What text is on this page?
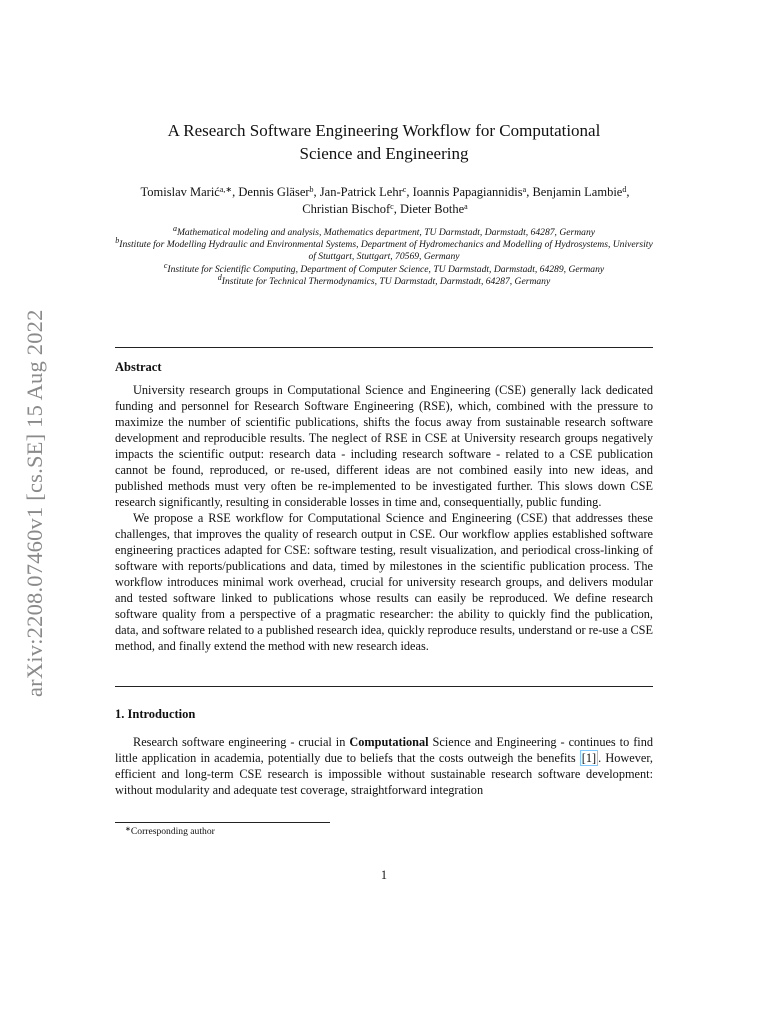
arXiv:2208.07460v1 [cs.SE] 15 Aug 2022
A Research Software Engineering Workflow for Computational
Science and Engineering
Tomislav Marić$^{a,∗}$, Dennis Gläser$^b$, Jan-Patrick Lehr$^c$, Ioannis Papagiannidis$^a$, Benjamin Lambie$^d$, Christian Bischof$^c$, Dieter Bothe$^a$
$^a$Mathematical modeling and analysis, Mathematics department, TU Darmstadt, Darmstadt, 64287, Germany
$^b$Institute for Modelling Hydraulic and Environmental Systems, Department of Hydromechanics and Modelling of Hydrosystems, University of Stuttgart, Stuttgart, 70569, Germany
$^c$Institute for Scientific Computing, Department of Computer Science, TU Darmstadt, Darmstadt, 64289, Germany
$^d$Institute for Technical Thermodynamics, TU Darmstadt, Darmstadt, 64287, Germany
Abstract

University research groups in Computational Science and Engineering (CSE) generally lack dedicated funding and personnel for Research Software Engineering (RSE), which, combined with the pressure to maximize the number of scientific publications, shifts the focus away from sustainable research software development and reproducible results. The neglect of RSE in CSE at University research groups negatively impacts the scientific output: research data - including research software - related to a CSE publication cannot be found, reproduced, or re-used, different ideas are not combined easily into new ideas, and published methods must very often be re-implemented to be investigated further. This slows down CSE research significantly, resulting in considerable losses in time and, consequentially, public funding.

We propose a RSE workflow for Computational Science and Engineering (CSE) that addresses these challenges, that improves the quality of research output in CSE. Our workflow applies established software engineering practices adapted for CSE: software testing, result visualization, and periodical cross-linking of software with reports/publications and data, timed by milestones in the scientific publication process. The workflow introduces minimal work overhead, crucial for university research groups, and delivers modular and tested software linked to publications whose results can easily be reproduced. We define research software quality from a perspective of a pragmatic researcher: the ability to quickly find the publication, data, and software related to a published research idea, quickly reproduce results, understand or re-use a CSE method, and finally extend the method with new research ideas.

1. Introduction

Research software engineering - crucial in Computational Science and Engineering - continues to find little application in academia, potentially due to beliefs that the costs outweigh the benefits [1] . However, efficient and long-term CSE research is impossible without sustainable research software development: without modularity and adequate test coverage, straightforward integration

∗Corresponding author
1
